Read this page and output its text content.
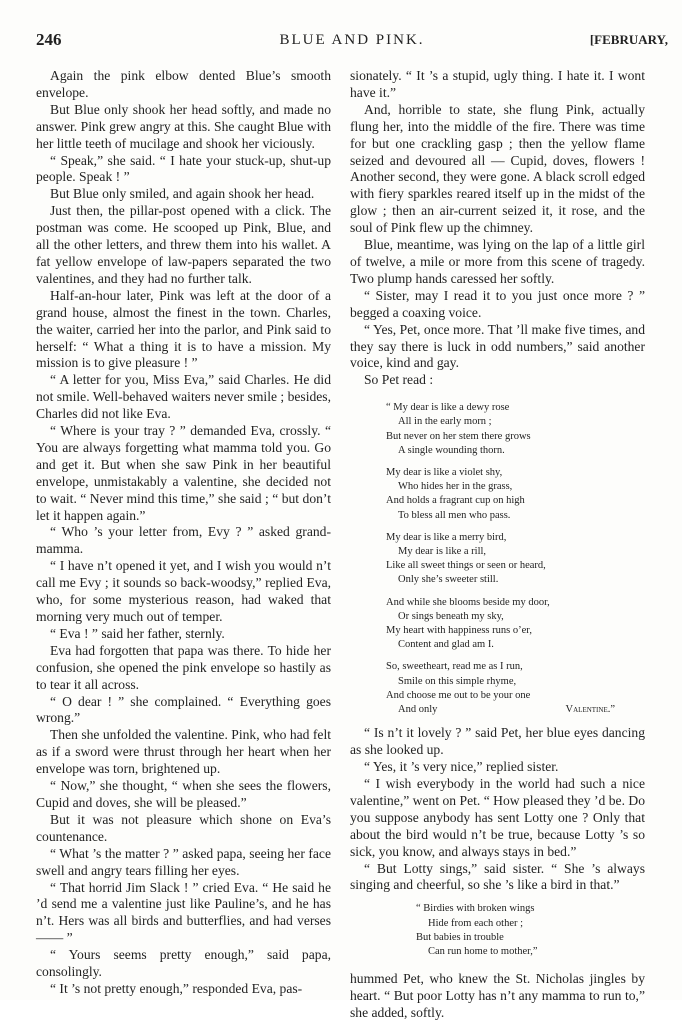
246	BLUE AND PINK.	[FEBRUARY,

Again the pink elbow dented Blue’s smooth envelope.

But Blue only shook her head softly, and made no answer. Pink grew angry at this. She caught Blue with her little teeth of mucilage and shook her viciously.

“ Speak,” she said. “ I hate your stuck-up, shut-up people. Speak ! ”

But Blue only smiled, and again shook her head.

Just then, the pillar-post opened with a click. The postman was come. He scooped up Pink, Blue, and all the other letters, and threw them into his wallet. A fat yellow envelope of law-papers separated the two valentines, and they had no further talk.

Half-an-hour later, Pink was left at the door of a grand house, almost the finest in the town. Charles, the waiter, carried her into the parlor, and Pink said to herself: “ What a thing it is to have a mission. My mission is to give pleasure ! ”

“ A letter for you, Miss Eva,” said Charles. He did not smile. Well-behaved waiters never smile ; besides, Charles did not like Eva.

“ Where is your tray ? ” demanded Eva, crossly. “ You are always forgetting what mamma told you. Go and get it. But when she saw Pink in her beautiful envelope, unmistakably a valentine, she decided not to wait. “ Never mind this time,” she said ; “ but don’t let it happen again.”

“ Who ’s your letter from, Evy ? ” asked grand-mamma.

“ I have n’t opened it yet, and I wish you would n’t call me Evy ; it sounds so back-woodsy,” replied Eva, who, for some mysterious reason, had waked that morning very much out of temper.

“ Eva ! ” said her father, sternly.

Eva had forgotten that papa was there. To hide her confusion, she opened the pink envelope so hastily as to tear it all across.

“ O dear ! ” she complained. “ Everything goes wrong.”

Then she unfolded the valentine. Pink, who had felt as if a sword were thrust through her heart when her envelope was torn, brightened up.

“ Now,” she thought, “ when she sees the flowers, Cupid and doves, she will be pleased.”

But it was not pleasure which shone on Eva’s countenance.

“ What ’s the matter ? ” asked papa, seeing her face swell and angry tears filling her eyes.

“ That horrid Jim Slack ! ” cried Eva. “ He said he ’d send me a valentine just like Pauline’s, and he has n’t. Hers was all birds and butterflies, and had verses —— ”

“ Yours seems pretty enough,” said papa, consolingly.

“ It ’s not pretty enough,” responded Eva, pas-

sionately. “ It ’s a stupid, ugly thing. I hate it. I wont have it.”

And, horrible to state, she flung Pink, actually flung her, into the middle of the fire. There was time for but one crackling gasp ; then the yellow flame seized and devoured all — Cupid, doves, flowers ! Another second, they were gone. A black scroll edged with fiery sparkles reared itself up in the midst of the glow ; then an air-current seized it, it rose, and the soul of Pink flew up the chimney.

Blue, meantime, was lying on the lap of a little girl of twelve, a mile or more from this scene of tragedy. Two plump hands caressed her softly.

“ Sister, may I read it to you just once more ? ” begged a coaxing voice.

“ Yes, Pet, once more. That ’ll make five times, and they say there is luck in odd numbers,” said another voice, kind and gay.

So Pet read :

“ My dear is like a dewy rose
All in the early morn ;
But never on her stem there grows
A single wounding thorn.
My dear is like a violet shy,
Who hides her in the grass,
And holds a fragrant cup on high
To bless all men who pass.
My dear is like a merry bird,
My dear is like a rill,
Like all sweet things or seen or heard,
Only she’s sweeter still.
And while she blooms beside my door,
Or sings beneath my sky,
My heart with happiness runs o’er,
Content and glad am I.
So, sweetheart, read me as I run,
Smile on this simple rhyme,
And choose me out to be your one
And only	Valentine.”

“ Is n’t it lovely ? ” said Pet, her blue eyes dancing as she looked up.

“ Yes, it ’s very nice,” replied sister.

“ I wish everybody in the world had such a nice valentine,” went on Pet. “ How pleased they ’d be. Do you suppose anybody has sent Lotty one ? Only that about the bird would n’t be true, because Lotty ’s so sick, you know, and always stays in bed.”

“ But Lotty sings,” said sister. “ She ’s always singing and cheerful, so she ’s like a bird in that.”

“ Birdies with broken wings
Hide from each other ;
But babies in trouble
Can run home to mother,”

hummed Pet, who knew the St. Nicholas jingles by heart. “ But poor Lotty has n’t any mamma to run to,” she added, softly.
